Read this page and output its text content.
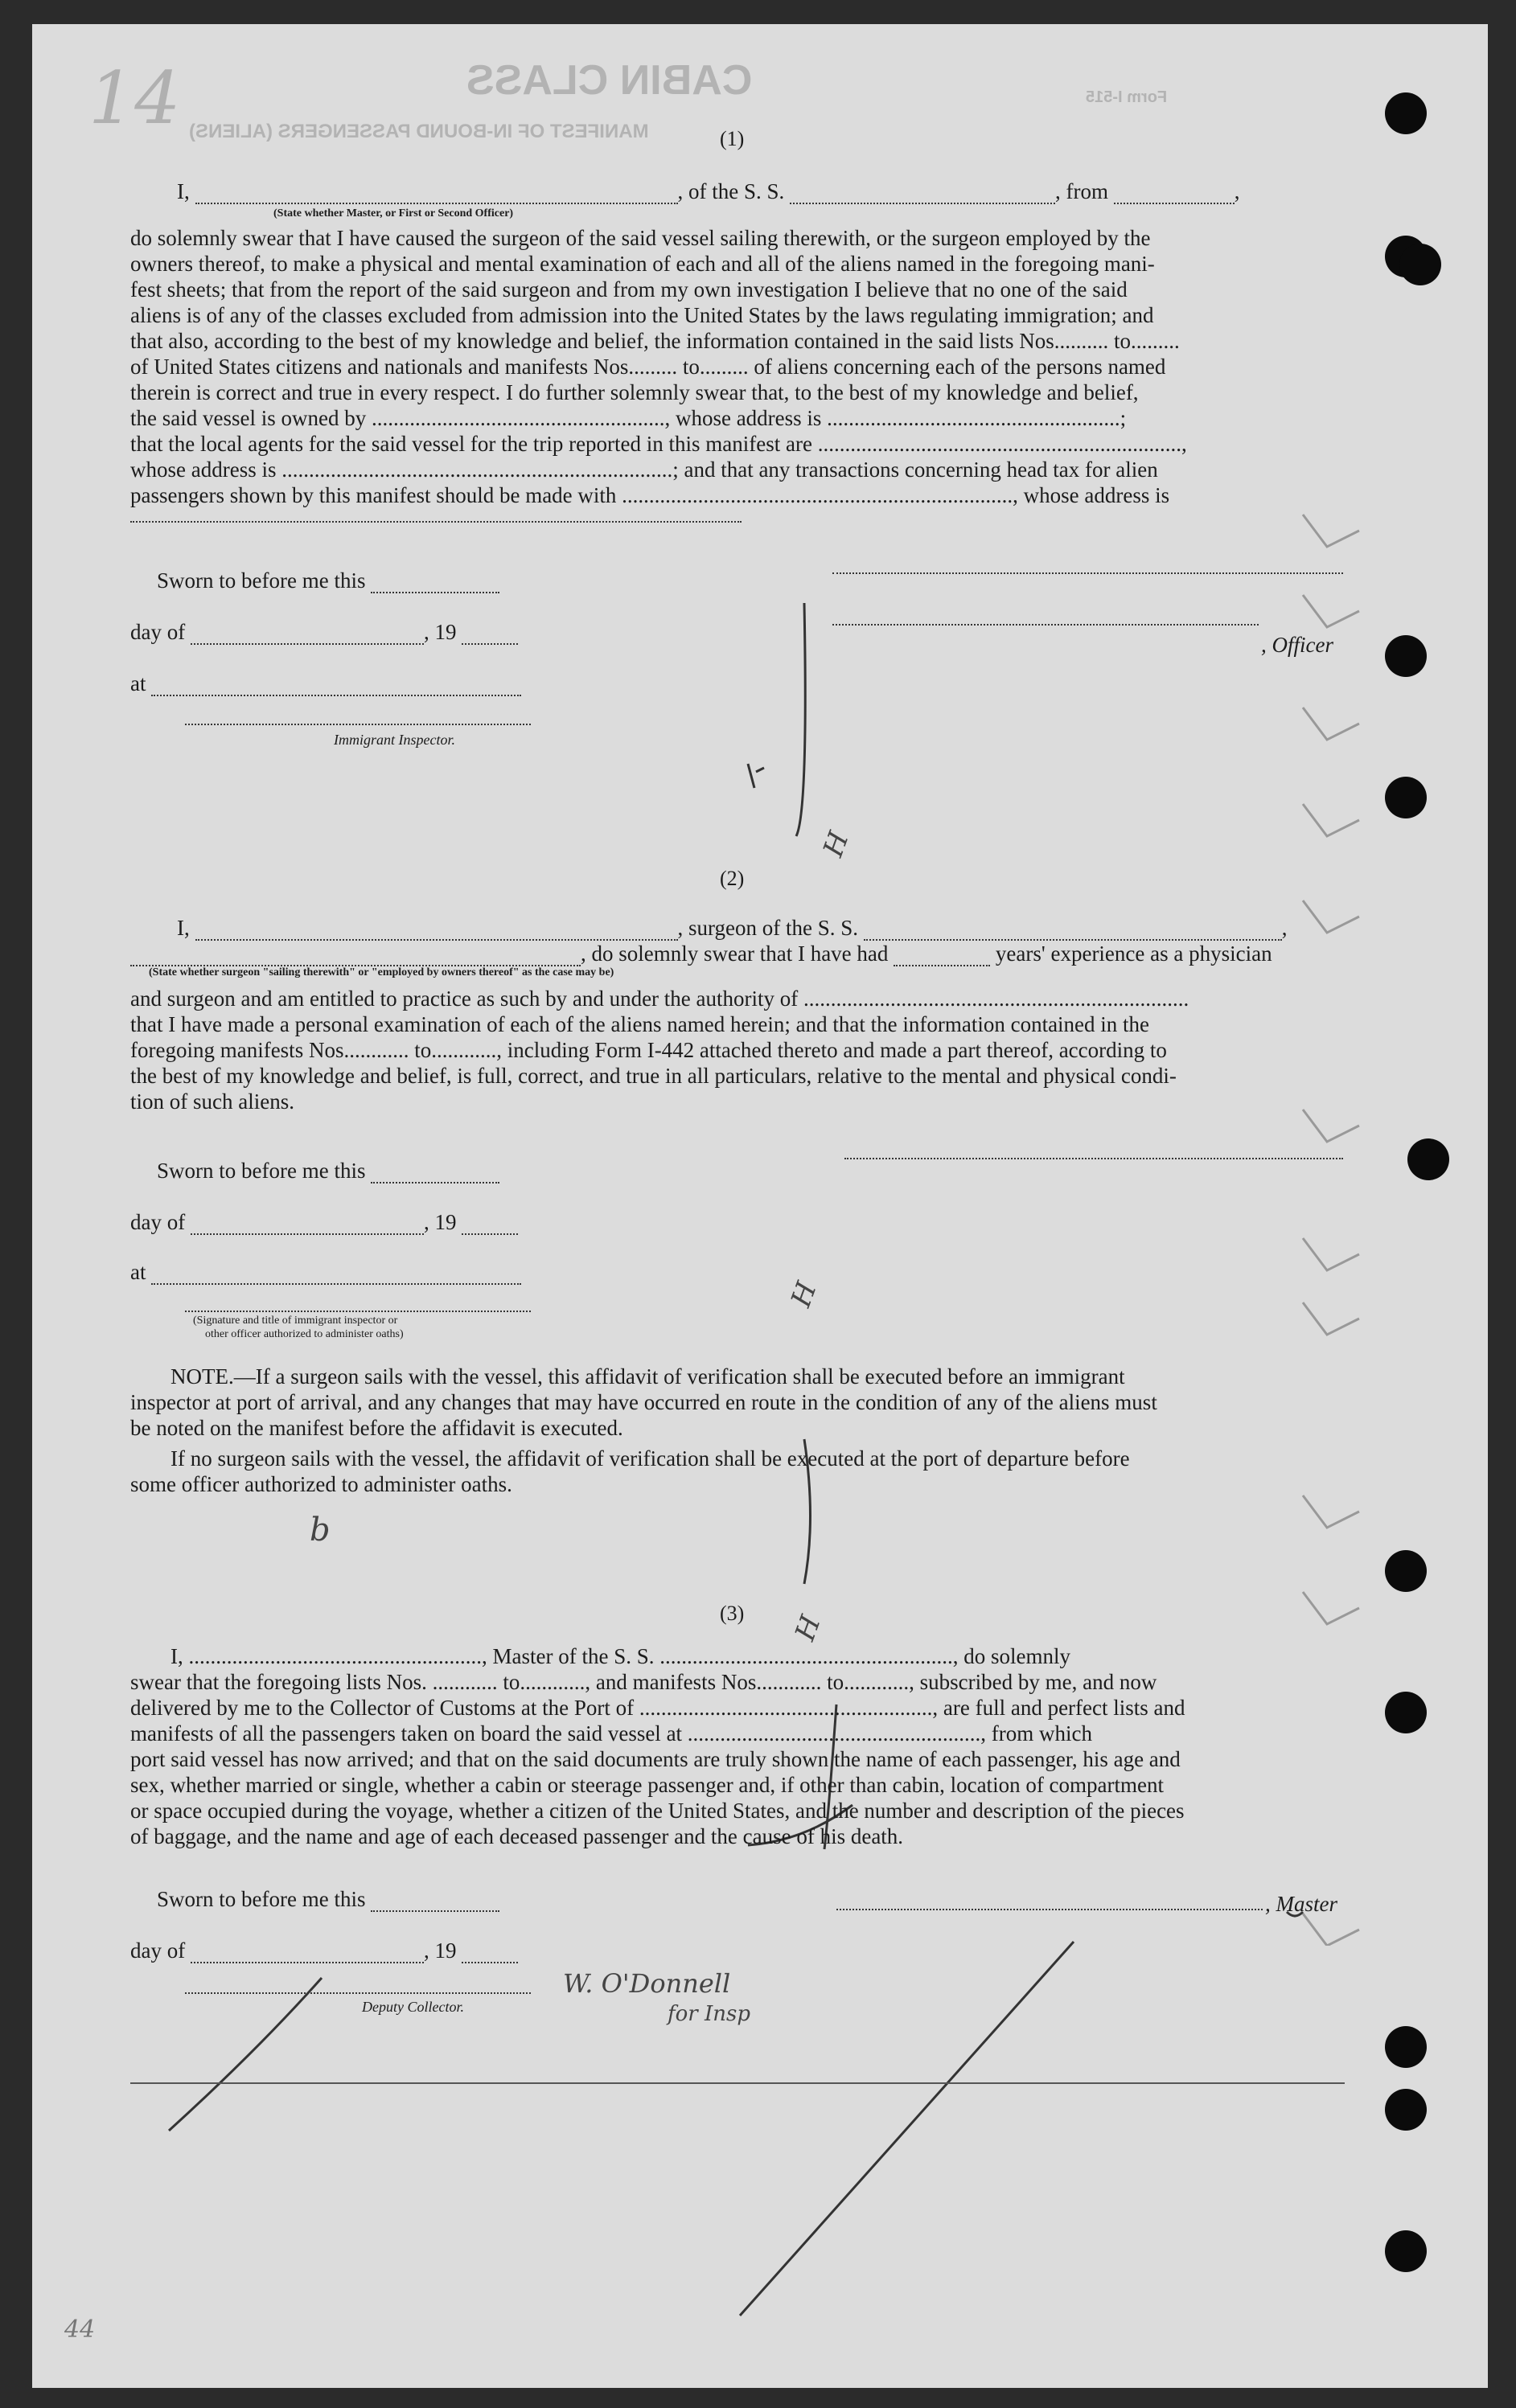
CABIN CLASS
MANIFEST OF IN-BOUND PASSENGERS (ALIENS)
Form I-515
14	(1)
I,	, of the S. S.	, from	,
(State whether Master, or First or Second Officer)
do solemnly swear that I have caused the surgeon of the said vessel sailing therewith, or the surgeon employed by the
owners thereof, to make a physical and mental examination of each and all of the aliens named in the foregoing mani-
fest sheets; that from the report of the said surgeon and from my own investigation I believe that no one of the said
aliens is of any of the classes excluded from admission into the United States by the laws regulating immigration; and
that also, according to the best of my knowledge and belief, the information contained in the said lists Nos.......... to.........
of United States citizens and nationals and manifests Nos......... to......... of aliens concerning each of the persons named
therein is correct and true in every respect. I do further solemnly swear that, to the best of my knowledge and belief,
the said vessel is owned by ......................................................, whose address is ......................................................;
that the local agents for the said vessel for the trip reported in this manifest are ...................................................................,
whose address is ........................................................................; and that any transactions concerning head tax for alien
passengers shown by this manifest should be made with ........................................................................, whose address is
Sworn to before me this
day of	, 19
at
Immigrant Inspector.
, Officer
H
H
H
b
(2)
I,	, surgeon of the S. S.	,
(State whether surgeon "sailing therewith" or "employed by owners thereof" as the case may be)
, do solemnly swear that I have had	years' experience as a physician
and surgeon and am entitled to practice as such by and under the authority of .......................................................................
that I have made a personal examination of each of the aliens named herein; and that the information contained in the
foregoing manifests Nos............ to............, including Form I-442 attached thereto and made a part thereof, according to
the best of my knowledge and belief, is full, correct, and true in all particulars, relative to the mental and physical condi-
tion of such aliens.
Sworn to before me this
day of	, 19
at
(Signature and title of immigrant inspector or
other officer authorized to administer oaths)
NOTE.—If a surgeon sails with the vessel, this affidavit of verification shall be executed before an immigrant
inspector at port of arrival, and any changes that may have occurred en route in the condition of any of the aliens must
be noted on the manifest before the affidavit is executed.
If no surgeon sails with the vessel, the affidavit of verification shall be executed at the port of departure before
some officer authorized to administer oaths.
(3)
I, ......................................................, Master of the S. S. ......................................................, do solemnly
swear that the foregoing lists Nos. ............ to............, and manifests Nos............ to............, subscribed by me, and now
delivered by me to the Collector of Customs at the Port of ......................................................, are full and perfect lists and
manifests of all the passengers taken on board the said vessel at ......................................................, from which
port said vessel has now arrived; and that on the said documents are truly shown the name of each passenger, his age and
sex, whether married or single, whether a cabin or steerage passenger and, if other than cabin, location of compartment
or space occupied during the voyage, whether a citizen of the United States, and the number and description of the pieces
of baggage, and the name and age of each deceased passenger and the cause of his death.
Sworn to before me this
day of	, 19
, Master
W. O'Donnell
for Insp
Deputy Collector.
44
